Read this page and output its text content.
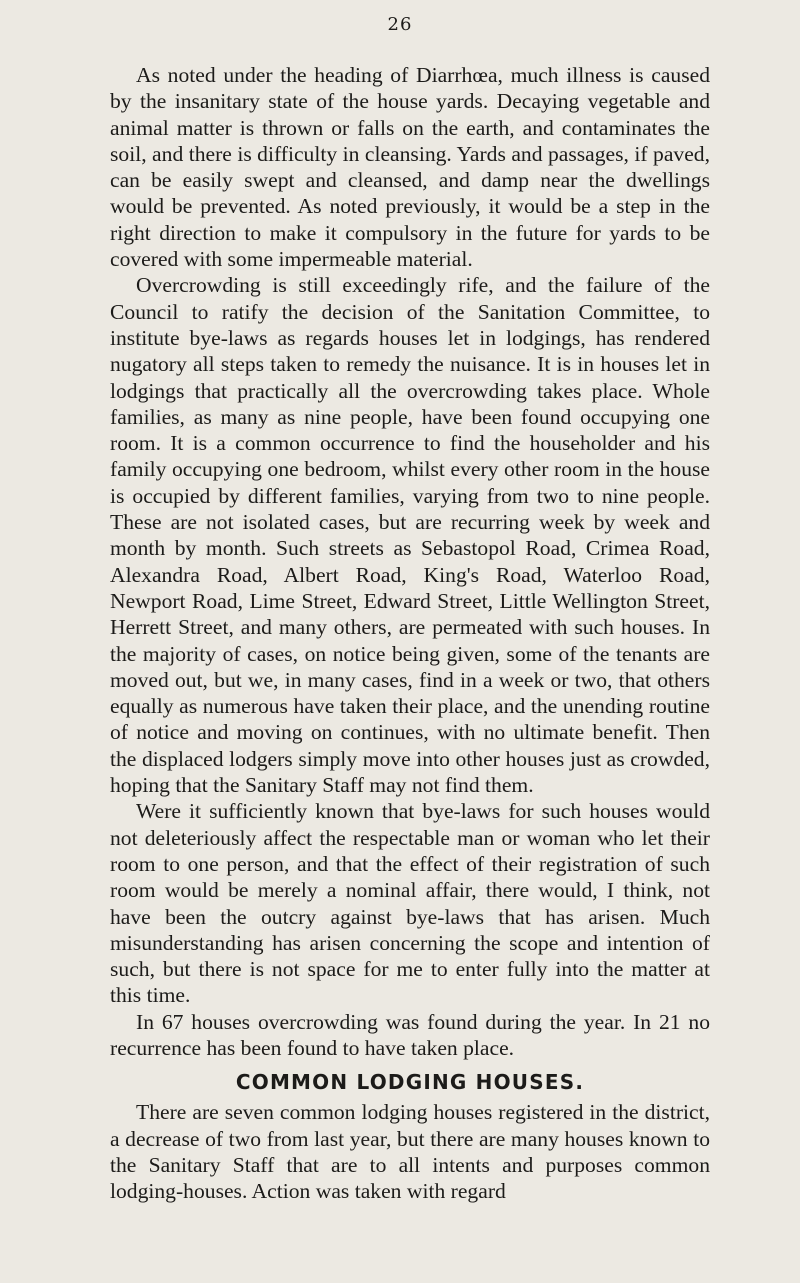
26

As noted under the heading of Diarrhœa, much illness is caused by the insanitary state of the house yards. Decaying vegetable and animal matter is thrown or falls on the earth, and contaminates the soil, and there is difficulty in cleansing. Yards and passages, if paved, can be easily swept and cleansed, and damp near the dwellings would be prevented. As noted previously, it would be a step in the right direction to make it compulsory in the future for yards to be covered with some impermeable material.

Overcrowding is still exceedingly rife, and the failure of the Council to ratify the decision of the Sanitation Committee, to institute bye-laws as regards houses let in lodgings, has rendered nugatory all steps taken to remedy the nuisance. It is in houses let in lodgings that practically all the overcrowding takes place. Whole families, as many as nine people, have been found occupying one room. It is a common occurrence to find the householder and his family occupying one bedroom, whilst every other room in the house is occupied by different families, varying from two to nine people. These are not isolated cases, but are recurring week by week and month by month. Such streets as Sebastopol Road, Crimea Road, Alexandra Road, Albert Road, King's Road, Waterloo Road, Newport Road, Lime Street, Edward Street, Little Wellington Street, Herrett Street, and many others, are permeated with such houses. In the majority of cases, on notice being given, some of the tenants are moved out, but we, in many cases, find in a week or two, that others equally as numerous have taken their place, and the unending routine of notice and moving on continues, with no ultimate benefit. Then the displaced lodgers simply move into other houses just as crowded, hoping that the Sanitary Staff may not find them.

Were it sufficiently known that bye-laws for such houses would not deleteriously affect the respectable man or woman who let their room to one person, and that the effect of their registration of such room would be merely a nominal affair, there would, I think, not have been the outcry against bye-laws that has arisen. Much misunderstanding has arisen concerning the scope and intention of such, but there is not space for me to enter fully into the matter at this time.

In 67 houses overcrowding was found during the year. In 21 no recurrence has been found to have taken place.

COMMON LODGING HOUSES.

There are seven common lodging houses registered in the district, a decrease of two from last year, but there are many houses known to the Sanitary Staff that are to all intents and purposes common lodging-houses. Action was taken with regard
